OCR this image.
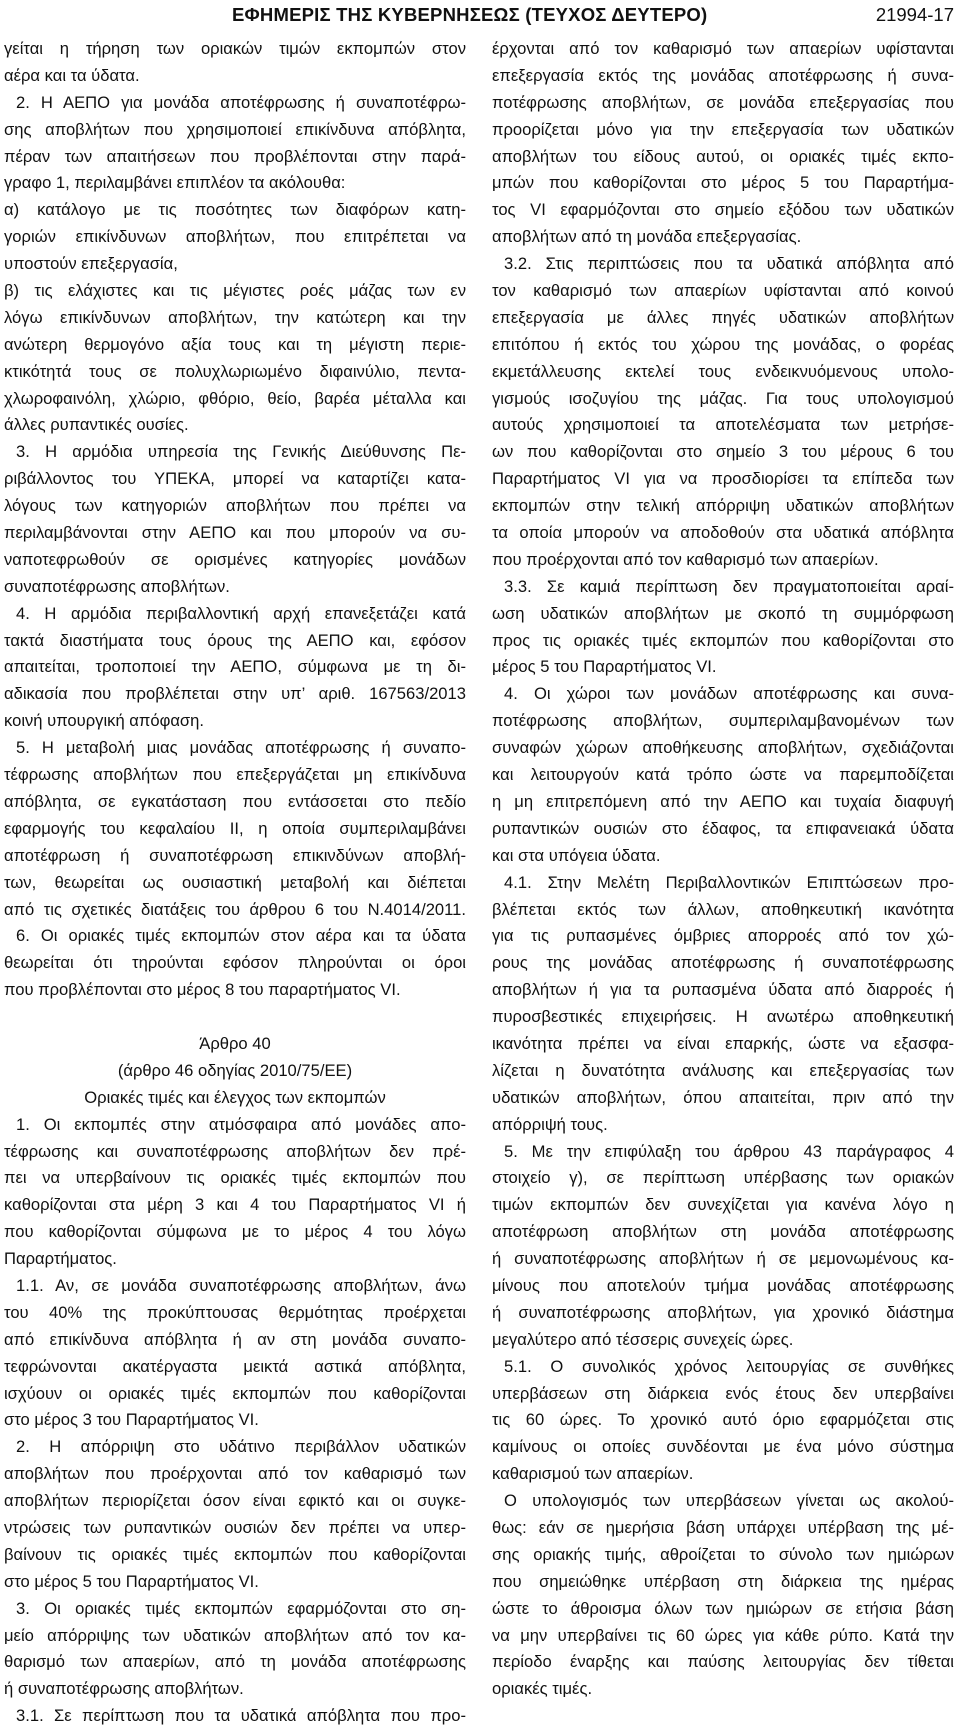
ΕΦΗΜΕΡΙΣ ΤΗΣ ΚΥΒΕΡΝΗΣΕΩΣ (ΤΕΥΧΟΣ ΔΕΥΤΕΡΟ)	21994-17
γείται η τήρηση των οριακών τιμών εκπομπών στον
αέρα και τα ύδατα.
2. Η ΑΕΠΟ για μονάδα αποτέφρωσης ή συναποτέφρω-
σης αποβλήτων που χρησιμοποιεί επικίνδυνα απόβλητα,
πέραν των απαιτήσεων που προβλέπονται στην παρά-
γραφο 1, περιλαμβάνει επιπλέον τα ακόλουθα:
α) κατάλογο με τις ποσότητες των διαφόρων κατη-
γοριών επικίνδυνων αποβλήτων, που επιτρέπεται να
υποστούν επεξεργασία,
β) τις ελάχιστες και τις μέγιστες ροές μάζας των εν
λόγω επικίνδυνων αποβλήτων, την κατώτερη και την
ανώτερη θερμογόνο αξία τους και τη μέγιστη περιε-
κτικότητά τους σε πολυχλωριωμένο διφαινύλιο, πεντα-
χλωροφαινόλη, χλώριο, φθόριο, θείο, βαρέα μέταλλα και
άλλες ρυπαντικές ουσίες.
3. Η αρμόδια υπηρεσία της Γενικής Διεύθυνσης Πε-
ριβάλλοντος του ΥΠΕΚΑ, μπορεί να καταρτίζει κατα-
λόγους των κατηγοριών αποβλήτων που πρέπει να
περιλαμβάνονται στην ΑΕΠΟ και που μπορούν να συ-
ναποτεφρωθούν σε ορισμένες κατηγορίες μονάδων
συναποτέφρωσης αποβλήτων.
4. Η αρμόδια περιβαλλοντική αρχή επανεξετάζει κατά
τακτά διαστήματα τους όρους της ΑΕΠΟ και, εφόσον
απαιτείται, τροποποιεί την ΑΕΠΟ, σύμφωνα με τη δι-
αδικασία που προβλέπεται στην υπ’ αριθ. 167563/2013
κοινή υπουργική απόφαση.
5. Η μεταβολή μιας μονάδας αποτέφρωσης ή συναπο-
τέφρωσης αποβλήτων που επεξεργάζεται μη επικίνδυνα
απόβλητα, σε εγκατάσταση που εντάσσεται στο πεδίο
εφαρμογής του κεφαλαίου ΙΙ, η οποία συμπεριλαμβάνει
αποτέφρωση ή συναποτέφρωση επικινδύνων αποβλή-
των, θεωρείται ως ουσιαστική μεταβολή και διέπεται
από τις σχετικές διατάξεις του άρθρου 6 του Ν.4014/2011.
6. Οι οριακές τιμές εκπομπών στον αέρα και τα ύδατα
θεωρείται ότι τηρούνται εφόσον πληρούνται οι όροι
που προβλέπονται στο μέρος 8 του παραρτήματος VI.
Άρθρο 40
(άρθρο 46 οδηγίας 2010/75/ΕΕ)
Οριακές τιμές και έλεγχος των εκπομπών
1. Οι εκπομπές στην ατμόσφαιρα από μονάδες απο-
τέφρωσης και συναποτέφρωσης αποβλήτων δεν πρέ-
πει να υπερβαίνουν τις οριακές τιμές εκπομπών που
καθορίζονται στα μέρη 3 και 4 του Παραρτήματος VI ή
που καθορίζονται σύμφωνα με το μέρος 4 του λόγω
Παραρτήματος.
1.1. Αν, σε μονάδα συναποτέφρωσης αποβλήτων, άνω
του 40% της προκύπτουσας θερμότητας προέρχεται
από επικίνδυνα απόβλητα ή αν στη μονάδα συναπο-
τεφρώνονται ακατέργαστα μεικτά αστικά απόβλητα,
ισχύουν οι οριακές τιμές εκπομπών που καθορίζονται
στο μέρος 3 του Παραρτήματος VI.
2. Η απόρριψη στο υδάτινο περιβάλλον υδατικών
αποβλήτων που προέρχονται από τον καθαρισμό των
αποβλήτων περιορίζεται όσον είναι εφικτό και οι συγκε-
ντρώσεις των ρυπαντικών ουσιών δεν πρέπει να υπερ-
βαίνουν τις οριακές τιμές εκπομπών που καθορίζονται
στο μέρος 5 του Παραρτήματος VI.
3. Οι οριακές τιμές εκπομπών εφαρμόζονται στο ση-
μείο απόρριψης των υδατικών αποβλήτων από τον κα-
θαρισμό των απαερίων, από τη μονάδα αποτέφρωσης
ή συναποτέφρωσης αποβλήτων.
3.1. Σε περίπτωση που τα υδατικά απόβλητα που προ-
έρχονται από τον καθαρισμό των απαερίων υφίστανται
επεξεργασία εκτός της μονάδας αποτέφρωσης ή συνα-
ποτέφρωσης αποβλήτων, σε μονάδα επεξεργασίας που
προορίζεται μόνο για την επεξεργασία των υδατικών
αποβλήτων του είδους αυτού, οι οριακές τιμές εκπο-
μπών που καθορίζονται στο μέρος 5 του Παραρτήμα-
τος VI εφαρμόζονται στο σημείο εξόδου των υδατικών
αποβλήτων από τη μονάδα επεξεργασίας.
3.2. Στις περιπτώσεις που τα υδατικά απόβλητα από
τον καθαρισμό των απαερίων υφίστανται από κοινού
επεξεργασία με άλλες πηγές υδατικών αποβλήτων
επιτόπου ή εκτός του χώρου της μονάδας, ο φορέας
εκμετάλλευσης εκτελεί τους ενδεικνυόμενους υπολο-
γισμούς ισοζυγίου της μάζας. Για τους υπολογισμού
αυτούς χρησιμοποιεί τα αποτελέσματα των μετρήσε-
ων που καθορίζονται στο σημείο 3 του μέρους 6 του
Παραρτήματος VI για να προσδιορίσει τα επίπεδα των
εκπομπών στην τελική απόρριψη υδατικών αποβλήτων
τα οποία μπορούν να αποδοθούν στα υδατικά απόβλητα
που προέρχονται από τον καθαρισμό των απαερίων.
3.3. Σε καμιά περίπτωση δεν πραγματοποιείται αραί-
ωση υδατικών αποβλήτων με σκοπό τη συμμόρφωση
προς τις οριακές τιμές εκπομπών που καθορίζονται στο
μέρος 5 του Παραρτήματος VI.
4. Οι χώροι των μονάδων αποτέφρωσης και συνα-
ποτέφρωσης αποβλήτων, συμπεριλαμβανομένων των
συναφών χώρων αποθήκευσης αποβλήτων, σχεδιάζονται
και λειτουργούν κατά τρόπο ώστε να παρεμποδίζεται
η μη επιτρεπόμενη από την ΑΕΠΟ και τυχαία διαφυγή
ρυπαντικών ουσιών στο έδαφος, τα επιφανειακά ύδατα
και στα υπόγεια ύδατα.
4.1. Στην Μελέτη Περιβαλλοντικών Επιπτώσεων προ-
βλέπεται εκτός των άλλων, αποθηκευτική ικανότητα
για τις ρυπασμένες όμβριες απορροές από τον χώ-
ρους της μονάδας αποτέφρωσης ή συναποτέφρωσης
αποβλήτων ή για τα ρυπασμένα ύδατα από διαρροές ή
πυροσβεστικές επιχειρήσεις. Η ανωτέρω αποθηκευτική
ικανότητα πρέπει να είναι επαρκής, ώστε να εξασφα-
λίζεται η δυνατότητα ανάλυσης και επεξεργασίας των
υδατικών αποβλήτων, όπου απαιτείται, πριν από την
απόρριψή τους.
5. Με την επιφύλαξη του άρθρου 43 παράγραφος 4
στοιχείο γ), σε περίπτωση υπέρβασης των οριακών
τιμών εκπομπών δεν συνεχίζεται για κανένα λόγο η
αποτέφρωση αποβλήτων στη μονάδα αποτέφρωσης
ή συναποτέφρωσης αποβλήτων ή σε μεμονωμένους κα-
μίνους που αποτελούν τμήμα μονάδας αποτέφρωσης
ή συναποτέφρωσης αποβλήτων, για χρονικό διάστημα
μεγαλύτερο από τέσσερις συνεχείς ώρες.
5.1. Ο συνολικός χρόνος λειτουργίας σε συνθήκες
υπερβάσεων στη διάρκεια ενός έτους δεν υπερβαίνει
τις 60 ώρες. Το χρονικό αυτό όριο εφαρμόζεται στις
καμίνους οι οποίες συνδέονται με ένα μόνο σύστημα
καθαρισμού των απαερίων.
Ο υπολογισμός των υπερβάσεων γίνεται ως ακολού-
θως: εάν σε ημερήσια βάση υπάρχει υπέρβαση της μέ-
σης οριακής τιμής, αθροίζεται το σύνολο των ημιώρων
που σημειώθηκε υπέρβαση στη διάρκεια της ημέρας
ώστε το άθροισμα όλων των ημιώρων σε ετήσια βάση
να μην υπερβαίνει τις 60 ώρες για κάθε ρύπο. Κατά την
περίοδο έναρξης και παύσης λειτουργίας δεν τίθεται
οριακές τιμές.
